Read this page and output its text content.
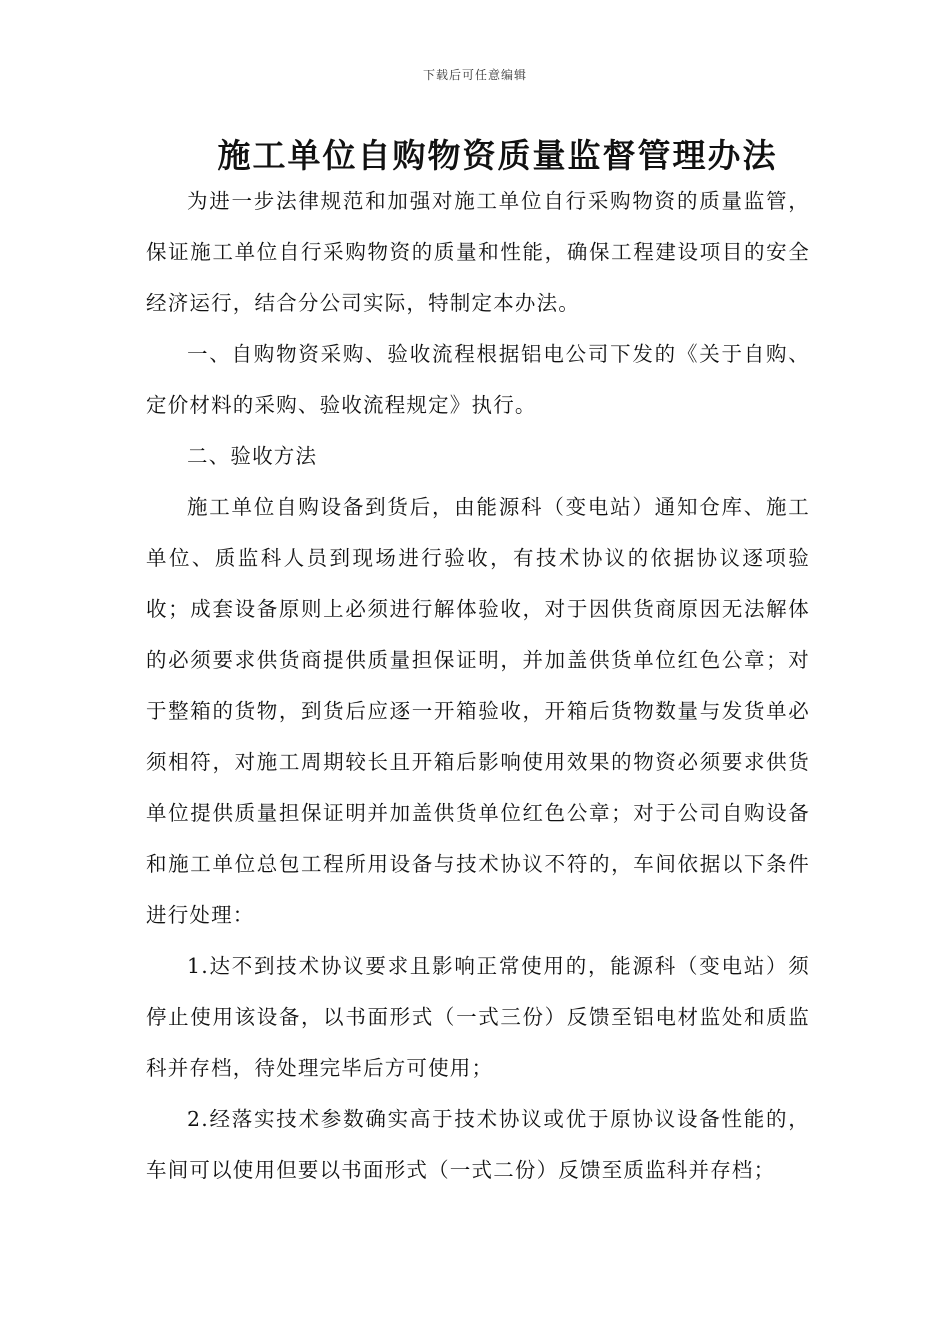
下载后可任意编辑
施工单位自购物资质量监督管理办法

为进一步法律规范和加强对施工单位自行采购物资的质量监管，保证施工单位自行采购物资的质量和性能，确保工程建设项目的安全经济运行，结合分公司实际，特制定本办法。

一、自购物资采购、验收流程根据铝电公司下发的《关于自购、定价材料的采购、验收流程规定》执行。

二、验收方法

施工单位自购设备到货后，由能源科（变电站）通知仓库、施工单位、质监科人员到现场进行验收，有技术协议的依据协议逐项验收；成套设备原则上必须进行解体验收，对于因供货商原因无法解体的必须要求供货商提供质量担保证明，并加盖供货单位红色公章；对于整箱的货物，到货后应逐一开箱验收，开箱后货物数量与发货单必须相符，对施工周期较长且开箱后影响使用效果的物资必须要求供货单位提供质量担保证明并加盖供货单位红色公章；对于公司自购设备和施工单位总包工程所用设备与技术协议不符的，车间依据以下条件进行处理：

1.达不到技术协议要求且影响正常使用的，能源科（变电站）须停止使用该设备，以书面形式（一式三份）反馈至铝电材监处和质监科并存档，待处理完毕后方可使用；

2.经落实技术参数确实高于技术协议或优于原协议设备性能的，车间可以使用但要以书面形式（一式二份）反馈至质监科并存档；
